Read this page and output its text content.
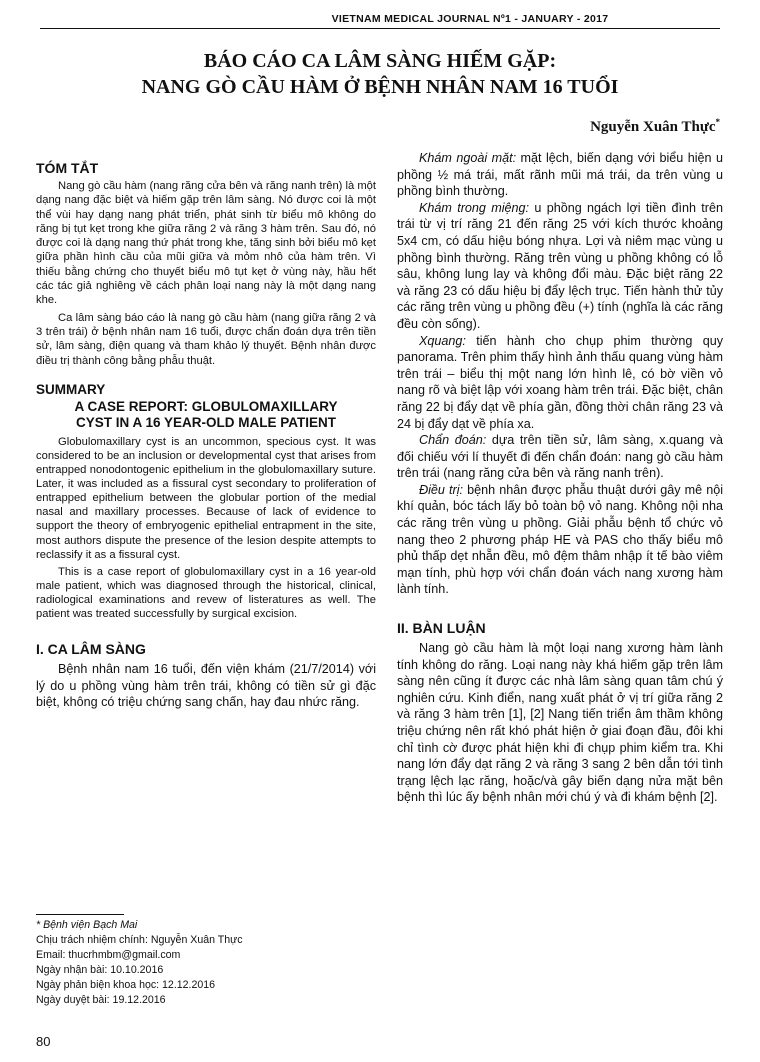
VIETNAM MEDICAL JOURNAL Nº1 - JANUARY - 2017
BÁO CÁO CA LÂM SÀNG HIẾM GẶP:
NANG GÒ CẦU HÀM Ở BỆNH NHÂN NAM 16 TUỔI
Nguyễn Xuân Thực*
TÓM TẮT

Nang gò cầu hàm (nang răng cửa bên và răng nanh trên) là một dạng nang đặc biệt và hiếm gặp trên lâm sàng. Nó được coi là một thể vùi hay dạng nang phát triển, phát sinh từ biểu mô không do răng bị tụt kẹt trong khe giữa răng 2 và răng 3 hàm trên. Sau đó, nó được coi là dạng nang thứ phát trong khe, tăng sinh bởi biểu mô kẹt giữa phần hình cầu của mũi giữa và mỏm nhô của hàm trên. Vì thiếu bằng chứng cho thuyết biểu mô tụt kẹt ở vùng này, hầu hết các tác giả nghiêng về cách phân loại nang này là một dạng nang khe.

Ca lâm sàng báo cáo là nang gò cầu hàm (nang giữa răng 2 và 3 trên trái) ở bệnh nhân nam 16 tuổi, được chẩn đoán dựa trên tiền sử, lâm sàng, điện quang và tham khảo lý thuyết. Bệnh nhân được điều trị thành công bằng phẫu thuật.

SUMMARY
A CASE REPORT: GLOBULOMAXILLARY
CYST IN A 16 YEAR-OLD MALE PATIENT

Globulomaxillary cyst is an uncommon, specious cyst. It was considered to be an inclusion or developmental cyst that arises from entrapped nonodontogenic epithelium in the globulomaxillary suture. Later, it was included as a fissural cyst secondary to proliferation of entrapped epithelium between the globular portion of the medial nasal and maxillary processes. Because of lack of evidence to support the theory of embryogenic epithelial entrapment in the site, most authors dispute the presence of the lesion despite attempts to reclassify it as a fissural cyst.

This is a case report of globulomaxillary cyst in a 16 year-old male patient, which was diagnosed through the historical, clinical, radiological examinations and revew of listeratures as well. The patient was treated successfully by surgical excision.

I. CA LÂM SÀNG

Bệnh nhân nam 16 tuổi, đến viện khám (21/7/2014) với lý do u phồng vùng hàm trên trái, không có tiền sử gì đặc biệt, không có triệu chứng sang chấn, hay đau nhức răng.

Khám ngoài mặt: mặt lệch, biến dạng với biểu hiện u phồng ½ má trái, mất rãnh mũi má trái, da trên vùng u phồng bình thường.

Khám trong miệng: u phồng ngách lợi tiền đình trên trái từ vị trí răng 21 đến răng 25 với kích thước khoảng 5x4 cm, có dấu hiệu bóng nhựa. Lợi và niêm mạc vùng u phồng bình thường. Răng trên vùng u phồng không có lỗ sâu, không lung lay và không đổi màu. Đặc biệt răng 22 và răng 23 có dấu hiệu bị đẩy lệch trục. Tiến hành thử tủy các răng trên vùng u phồng đều (+) tính (nghĩa là các răng đều còn sống).

Xquang: tiến hành cho chụp phim thường quy panorama. Trên phim thấy hình ảnh thấu quang vùng hàm trên trái – biểu thị một nang lớn hình lê, có bờ viền vỏ nang rõ và biệt lập với xoang hàm trên trái. Đặc biệt, chân răng 22 bị đẩy dạt về phía gần, đồng thời chân răng 23 và 24 bị đẩy dạt về phía xa.

Chẩn đoán: dựa trên tiền sử, lâm sàng, x.quang và đối chiếu với lí thuyết đi đến chẩn đoán: nang gò cầu hàm trên trái (nang răng cửa bên và răng nanh trên).

Điều trị: bệnh nhân được phẫu thuật dưới gây mê nội khí quản, bóc tách lấy bỏ toàn bộ vỏ nang. Không nội nha các răng trên vùng u phồng. Giải phẫu bệnh tổ chức vỏ nang theo 2 phương pháp HE và PAS cho thấy biểu mô phủ thấp dẹt nhẵn đều, mô đệm thâm nhập ít tế bào viêm mạn tính, phù hợp với chẩn đoán vách nang xương hàm lành tính.

II. BÀN LUẬN

Nang gò cầu hàm là một loại nang xương hàm lành tính không do răng. Loại nang này khá hiếm gặp trên lâm sàng nên cũng ít được các nhà lâm sàng quan tâm chú ý nghiên cứu. Kinh điển, nang xuất phát ở vị trí giữa răng 2 và răng 3 hàm trên [1], [2] Nang tiến triển âm thầm không triệu chứng nên rất khó phát hiện ở giai đoạn đầu, đôi khi chỉ tình cờ được phát hiện khi đi chụp phim kiểm tra. Khi nang lớn đẩy dạt răng 2 và răng 3 sang 2 bên dẫn tới tình trạng lệch lạc răng, hoặc/và gây biến dạng nửa mặt bên bệnh thì lúc ấy bệnh nhân mới chú ý và đi khám bệnh [2].

* Bệnh viện Bạch Mai
Chịu trách nhiệm chính: Nguyễn Xuân Thực
Email: thucrhmbm@gmail.com
Ngày nhận bài: 10.10.2016
Ngày phản biện khoa học: 12.12.2016
Ngày duyệt bài: 19.12.2016
80
